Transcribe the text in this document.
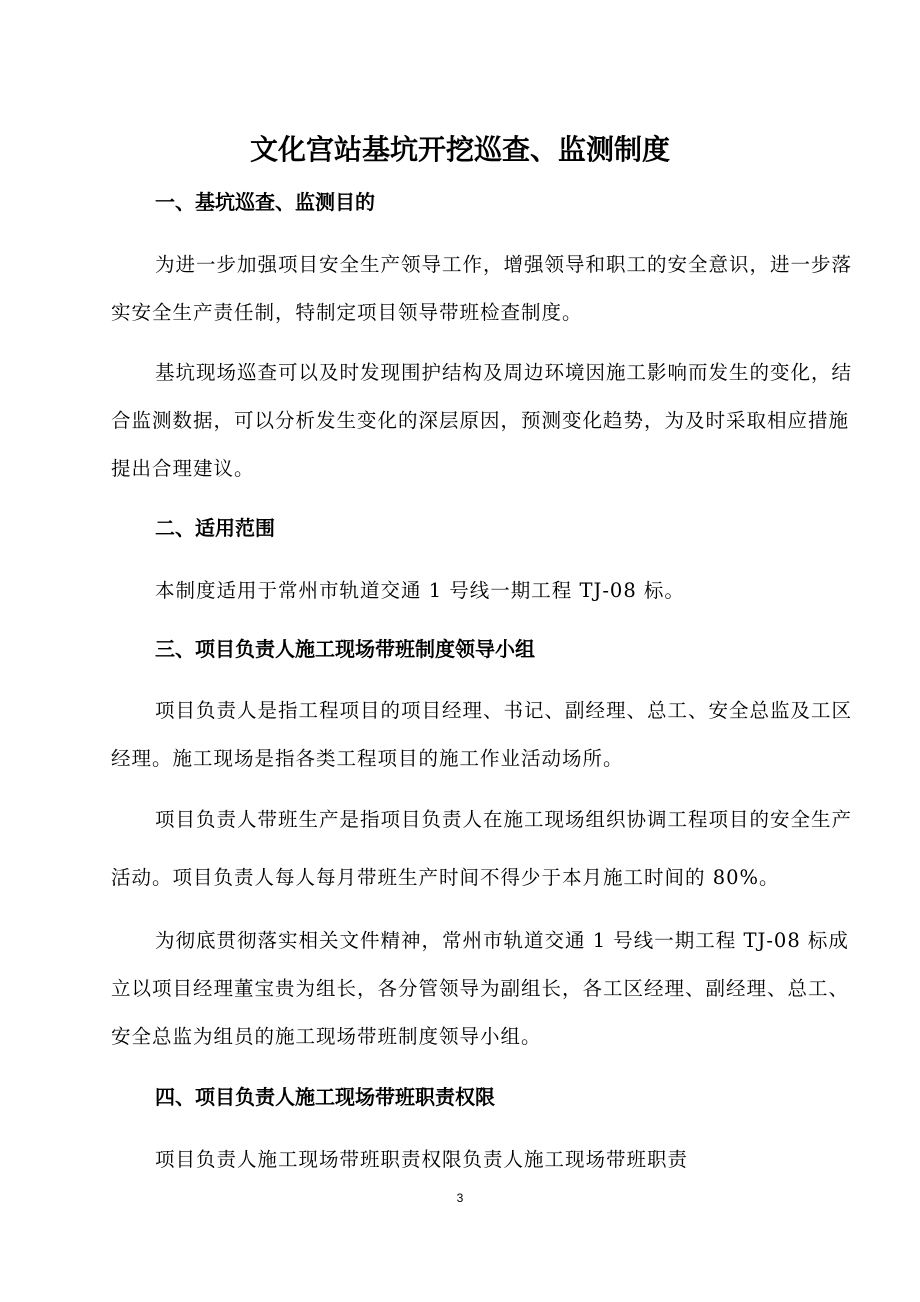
文化宫站基坑开挖巡查、监测制度
一、基坑巡查、监测目的

为进一步加强项目安全生产领导工作，增强领导和职工的安全意识，进一步落实安全生产责任制，特制定项目领导带班检查制度。

基坑现场巡查可以及时发现围护结构及周边环境因施工影响而发生的变化，结合监测数据，可以分析发生变化的深层原因，预测变化趋势，为及时采取相应措施提出合理建议。

二、适用范围

本制度适用于常州市轨道交通 1 号线一期工程 TJ-08 标。

三、项目负责人施工现场带班制度领导小组

项目负责人是指工程项目的项目经理、书记、副经理、总工、安全总监及工区经理。施工现场是指各类工程项目的施工作业活动场所。

项目负责人带班生产是指项目负责人在施工现场组织协调工程项目的安全生产活动。项目负责人每人每月带班生产时间不得少于本月施工时间的 80%。

为彻底贯彻落实相关文件精神，常州市轨道交通 1 号线一期工程 TJ-08 标成立以项目经理董宝贵为组长，各分管领导为副组长，各工区经理、副经理、总工、安全总监为组员的施工现场带班制度领导小组。

四、项目负责人施工现场带班职责权限

项目负责人施工现场带班职责权限负责人施工现场带班职责

3
